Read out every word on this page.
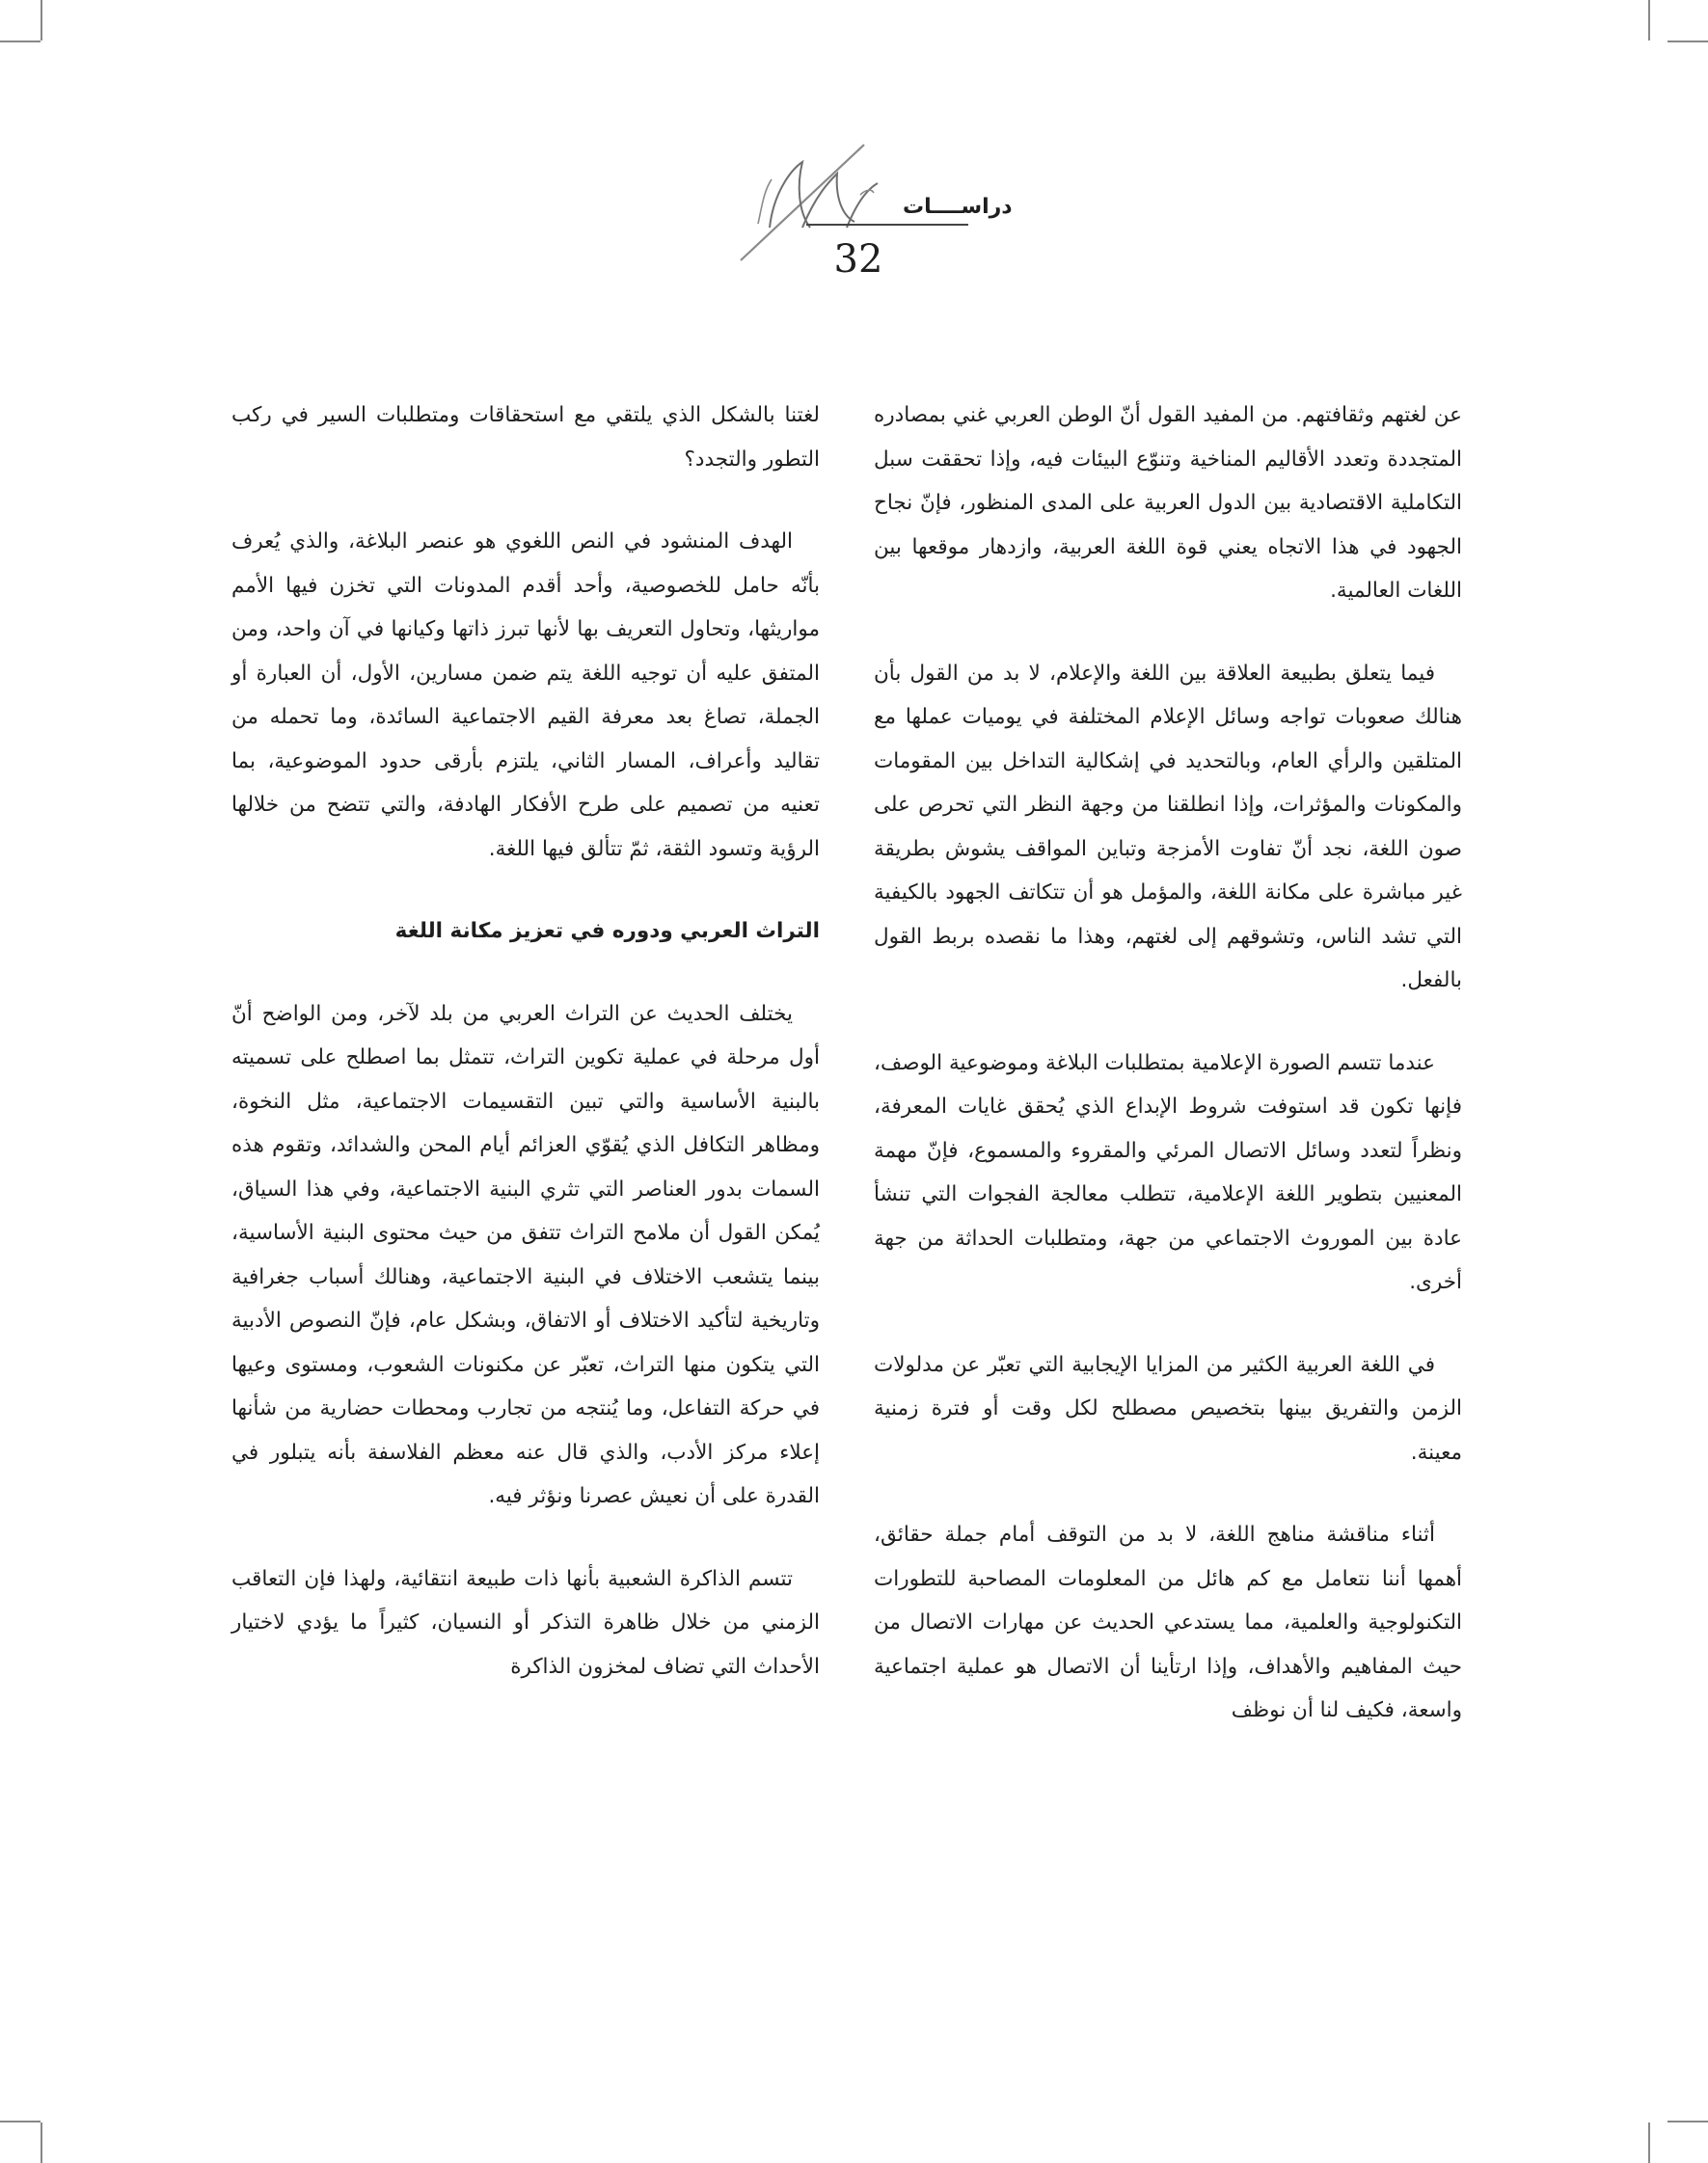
دراســــات
32

عن لغتهم وثقافتهم. من المفيد القول أنّ الوطن العربي غني بمصادره المتجددة وتعدد الأقاليم المناخية وتنوّع البيئات فيه، وإذا تحققت سبل التكاملية الاقتصادية بين الدول العربية على المدى المنظور، فإنّ نجاح الجهود في هذا الاتجاه يعني قوة اللغة العربية، وازدهار موقعها بين اللغات العالمية.

فيما يتعلق بطبيعة العلاقة بين اللغة والإعلام، لا بد من القول بأن هنالك صعوبات تواجه وسائل الإعلام المختلفة في يوميات عملها مع المتلقين والرأي العام، وبالتحديد في إشكالية التداخل بين المقومات والمكونات والمؤثرات، وإذا انطلقنا من وجهة النظر التي تحرص على صون اللغة، نجد أنّ تفاوت الأمزجة وتباين المواقف يشوش بطريقة غير مباشرة على مكانة اللغة، والمؤمل هو أن تتكاتف الجهود بالكيفية التي تشد الناس، وتشوقهم إلى لغتهم، وهذا ما نقصده بربط القول بالفعل.

عندما تتسم الصورة الإعلامية بمتطلبات البلاغة وموضوعية الوصف، فإنها تكون قد استوفت شروط الإبداع الذي يُحقق غايات المعرفة، ونظراً لتعدد وسائل الاتصال المرئي والمقروء والمسموع، فإنّ مهمة المعنيين بتطوير اللغة الإعلامية، تتطلب معالجة الفجوات التي تنشأ عادة بين الموروث الاجتماعي من جهة، ومتطلبات الحداثة من جهة أخرى.

في اللغة العربية الكثير من المزايا الإيجابية التي تعبّر عن مدلولات الزمن والتفريق بينها بتخصيص مصطلح لكل وقت أو فترة زمنية معينة.

أثناء مناقشة مناهج اللغة، لا بد من التوقف أمام جملة حقائق، أهمها أننا نتعامل مع كم هائل من المعلومات المصاحبة للتطورات التكنولوجية والعلمية، مما يستدعي الحديث عن مهارات الاتصال من حيث المفاهيم والأهداف، وإذا ارتأينا أن الاتصال هو عملية اجتماعية واسعة، فكيف لنا أن نوظف

لغتنا بالشكل الذي يلتقي مع استحقاقات ومتطلبات السير في ركب التطور والتجدد؟

الهدف المنشود في النص اللغوي هو عنصر البلاغة، والذي يُعرف بأنّه حامل للخصوصية، وأحد أقدم المدونات التي تخزن فيها الأمم مواريثها، وتحاول التعريف بها لأنها تبرز ذاتها وكيانها في آن واحد، ومن المتفق عليه أن توجيه اللغة يتم ضمن مسارين، الأول، أن العبارة أو الجملة، تصاغ بعد معرفة القيم الاجتماعية السائدة، وما تحمله من تقاليد وأعراف، المسار الثاني، يلتزم بأرقى حدود الموضوعية، بما تعنيه من تصميم على طرح الأفكار الهادفة، والتي تتضح من خلالها الرؤية وتسود الثقة، ثمّ تتألق فيها اللغة.

التراث العربي ودوره في تعزيز مكانة اللغة

يختلف الحديث عن التراث العربي من بلد لآخر، ومن الواضح أنّ أول مرحلة في عملية تكوين التراث، تتمثل بما اصطلح على تسميته بالبنية الأساسية والتي تبين التقسيمات الاجتماعية، مثل النخوة، ومظاهر التكافل الذي يُقوّي العزائم أيام المحن والشدائد، وتقوم هذه السمات بدور العناصر التي تثري البنية الاجتماعية، وفي هذا السياق، يُمكن القول أن ملامح التراث تتفق من حيث محتوى البنية الأساسية، بينما يتشعب الاختلاف في البنية الاجتماعية، وهنالك أسباب جغرافية وتاريخية لتأكيد الاختلاف أو الاتفاق، وبشكل عام، فإنّ النصوص الأدبية التي يتكون منها التراث، تعبّر عن مكنونات الشعوب، ومستوى وعيها في حركة التفاعل، وما يُنتجه من تجارب ومحطات حضارية من شأنها إعلاء مركز الأدب، والذي قال عنه معظم الفلاسفة بأنه يتبلور في القدرة على أن نعيش عصرنا ونؤثر فيه.

تتسم الذاكرة الشعبية بأنها ذات طبيعة انتقائية، ولهذا فإن التعاقب الزمني من خلال ظاهرة التذكر أو النسيان، كثيراً ما يؤدي لاختيار الأحداث التي تضاف لمخزون الذاكرة
